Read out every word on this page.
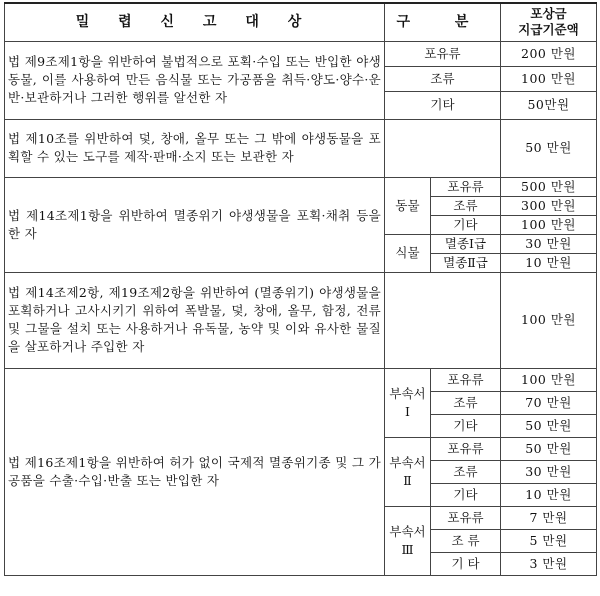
밀 렵 신 고 대 상	구 분		포상금
지급기준액

법 제9조제1항을 위반하여 불법적으로 포획·수입 또는 반입한 야생동물, 이를 사용하여 만든 음식물 또는 가공품을 취득·양도·양수·운반·보관하거나 그러한 행위를 알선한 자	포유류		200 만원
	조류		100 만원
	기타		50만원
법 제10조를 위반하여 덫, 창애, 올무 또는 그 밖에 야생동물을 포획할 수 있는 도구를 제작·판매·소지 또는 보관한 자			50 만원
법 제14조제1항을 위반하여 멸종위기 야생생물을 포획·채취 등을 한 자	동물	포유류	500 만원
		조류	300 만원
		기타	100 만원
	식물	멸종Ⅰ급	30 만원
		멸종Ⅱ급	10 만원
법 제14조제2항, 제19조제2항을 위반하여 (멸종위기) 야생생물을 포획하거나 고사시키기 위하여 폭발물, 덫, 창애, 올무, 함정, 전류 및 그물을 설치 또는 사용하거나 유독물, 농약 및 이와 유사한 물질을 살포하거나 주입한 자			100 만원
법 제16조제1항을 위반하여 허가 없이 국제적 멸종위기종 및 그 가공품을 수출·수입·반출 또는 반입한 자	부속서Ⅰ	포유류	100 만원
		조류	70 만원
		기타	50 만원
	부속서Ⅱ	포유류	50 만원
		조류	30 만원
		기타	10 만원
	부속서Ⅲ	포유류	7 만원
		조 류	5 만원
		기 타	3 만원
